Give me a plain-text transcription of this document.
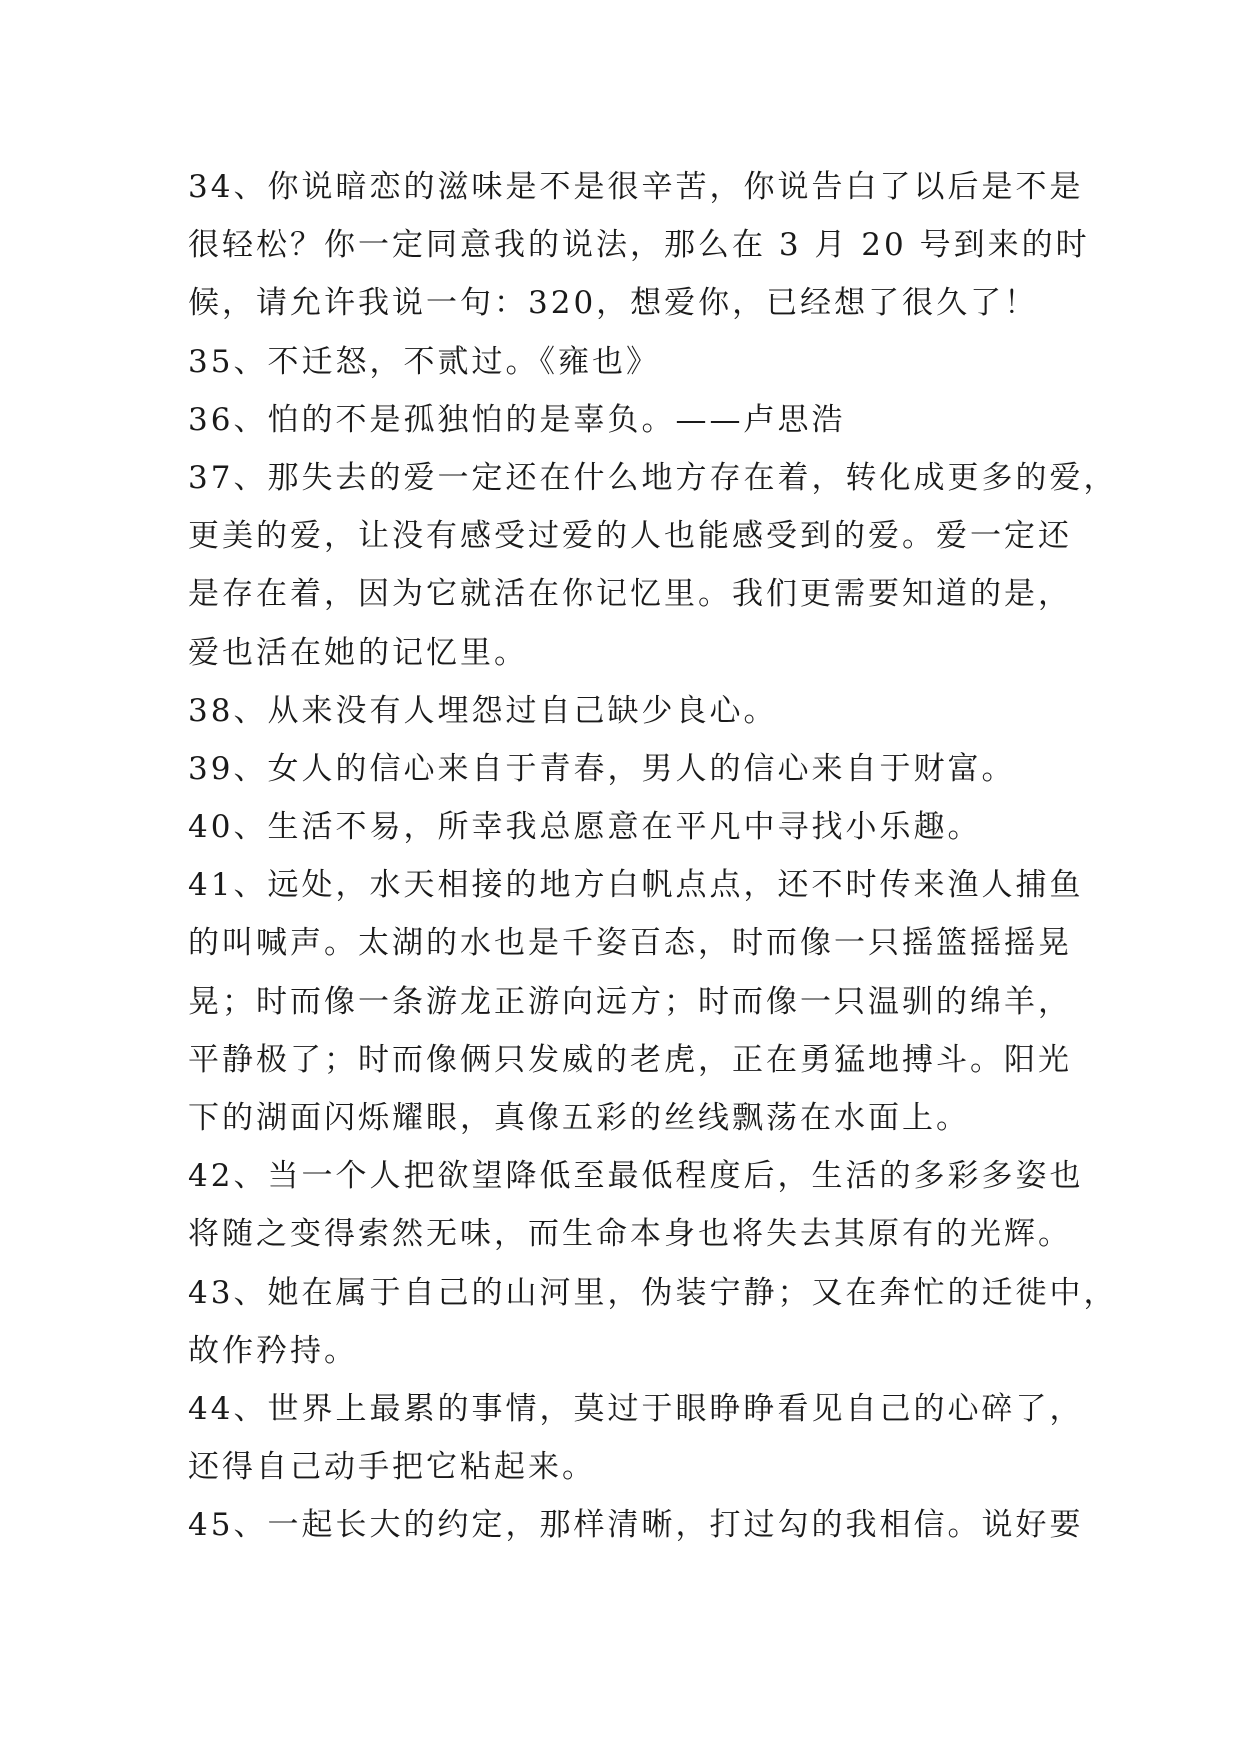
34、你说暗恋的滋味是不是很辛苦，你说告白了以后是不是
很轻松？你一定同意我的说法，那么在 3 月 20 号到来的时
候，请允许我说一句：320，想爱你，已经想了很久了！
35、不迁怒，不贰过。《雍也》
36、怕的不是孤独怕的是辜负。——卢思浩
37、那失去的爱一定还在什么地方存在着，转化成更多的爱，
更美的爱，让没有感受过爱的人也能感受到的爱。爱一定还
是存在着，因为它就活在你记忆里。我们更需要知道的是，
爱也活在她的记忆里。
38、从来没有人埋怨过自己缺少良心。
39、女人的信心来自于青春，男人的信心来自于财富。
40、生活不易，所幸我总愿意在平凡中寻找小乐趣。
41、远处，水天相接的地方白帆点点，还不时传来渔人捕鱼
的叫喊声。太湖的水也是千姿百态，时而像一只摇篮摇摇晃
晃；时而像一条游龙正游向远方；时而像一只温驯的绵羊，
平静极了；时而像俩只发威的老虎，正在勇猛地搏斗。阳光
下的湖面闪烁耀眼，真像五彩的丝线飘荡在水面上。
42、当一个人把欲望降低至最低程度后，生活的多彩多姿也
将随之变得索然无味，而生命本身也将失去其原有的光辉。
43、她在属于自己的山河里，伪装宁静；又在奔忙的迁徙中，
故作矜持。
44、世界上最累的事情，莫过于眼睁睁看见自己的心碎了，
还得自己动手把它粘起来。
45、一起长大的约定，那样清晰，打过勾的我相信。说好要
